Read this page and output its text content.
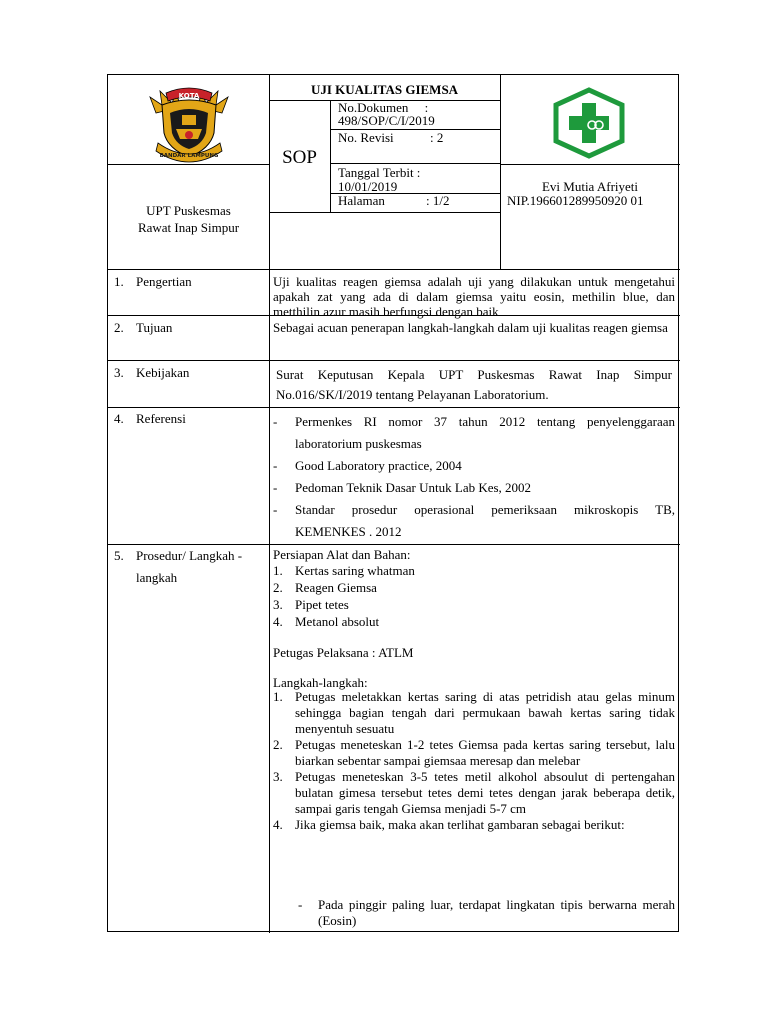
KOTA
BANDAR LAMPUNG
UPT Puskesmas
Rawat Inap Simpur
UJI KUALITAS GIEMSA
SOP
No.Dokumen     :
498/SOP/C/I/2019
No. Revisi	: 2
Tanggal Terbit :
10/01/2019
Halaman	: 1/2
Evi Mutia Afriyeti
NIP.196601289950920 01
1. Pengertian	Uji kualitas reagen giemsa adalah uji yang dilakukan untuk mengetahui apakah zat yang ada di dalam giemsa yaitu eosin, methilin blue, dan metthilin azur masih berfungsi dengan baik
2. Tujuan	Sebagai acuan penerapan langkah-langkah dalam uji kualitas reagen giemsa
3. Kebijakan	Surat Keputusan Kepala UPT Puskesmas Rawat Inap Simpur No.016/SK/I/2019 tentang Pelayanan Laboratorium.
4. Referensi	- Permenkes RI nomor 37 tahun 2012 tentang penyelenggaraan laboratorium puskesmas
- Good Laboratory practice, 2004
- Pedoman Teknik Dasar Untuk Lab Kes, 2002
- Standar prosedur operasional pemeriksaan mikroskopis TB, KEMENKES . 2012
5. Prosedur/ Langkah -
langkah
Persiapan Alat dan Bahan:
1. Kertas saring whatman
2. Reagen Giemsa
3. Pipet tetes
4. Metanol absolut
Petugas Pelaksana : ATLM
Langkah-langkah:
1. Petugas meletakkan kertas saring di atas petridish atau gelas minum sehingga bagian tengah dari permukaan bawah kertas saring tidak menyentuh sesuatu
2. Petugas meneteskan 1-2 tetes Giemsa pada kertas saring tersebut, lalu biarkan sebentar sampai giemsaa meresap dan melebar
3. Petugas meneteskan 3-5 tetes metil alkohol absoulut di pertengahan bulatan gimesa tersebut tetes demi tetes dengan jarak beberapa detik, sampai garis tengah Giemsa menjadi 5-7 cm
4. Jika giemsa baik, maka akan terlihat gambaran sebagai berikut:
- Pada pinggir paling luar, terdapat lingkatan tipis berwarna merah (Eosin)
